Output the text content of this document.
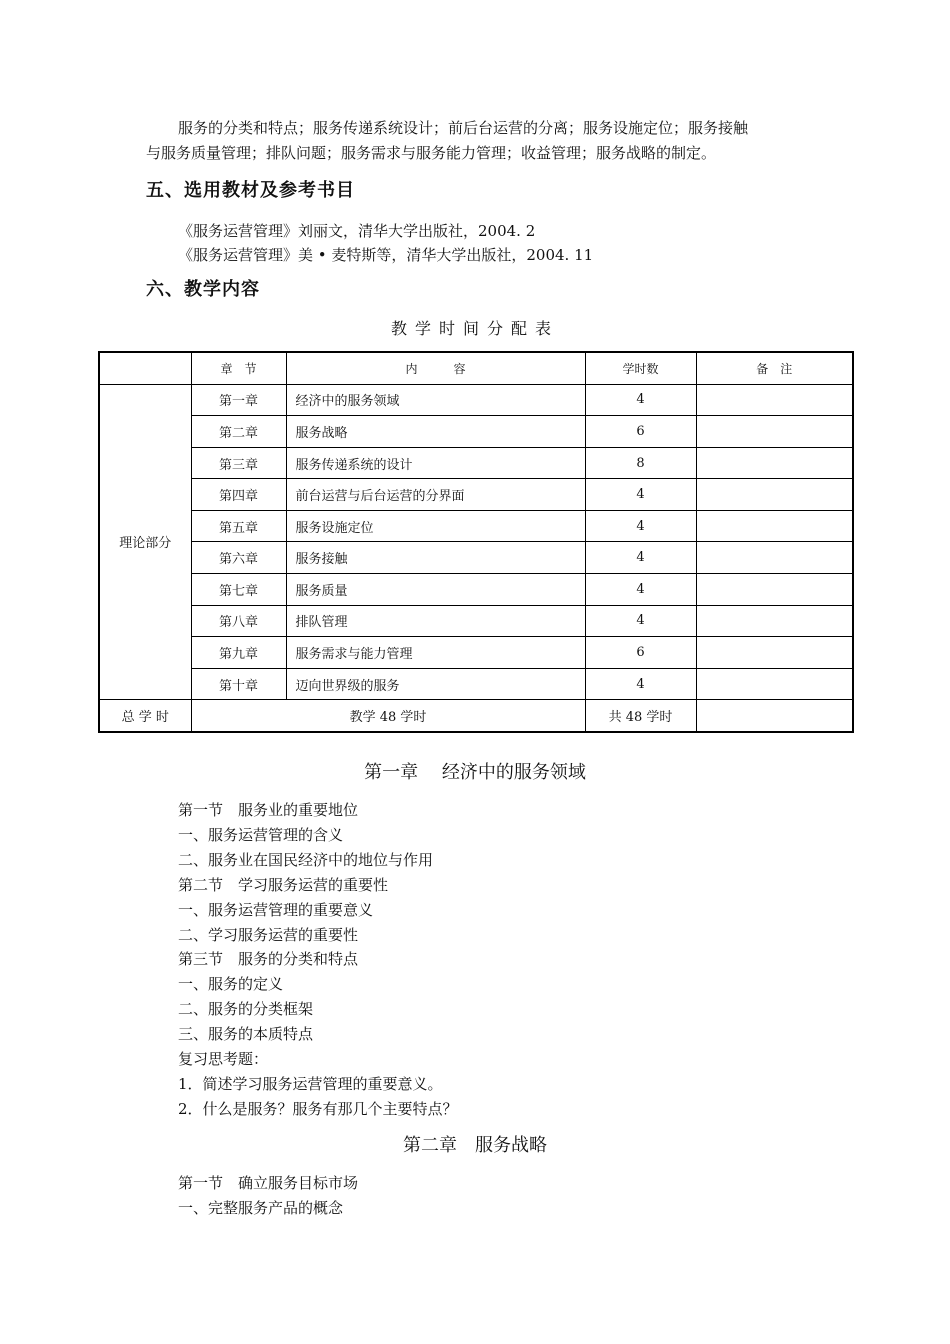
服务的分类和特点；服务传递系统设计；前后台运营的分离；服务设施定位；服务接触
与服务质量管理；排队问题；服务需求与服务能力管理；收益管理；服务战略的制定。
五、选用教材及参考书目
《服务运营管理》刘丽文，清华大学出版社，2004. 2
《服务运营管理》美 • 麦特斯等，清华大学出版社，2004. 11
六、教学内容
教学时间分配表
	章　节	内　　　容	学时数	备　注
理论部分	第一章	经济中的服务领域	4	
	第二章	服务战略	6	
	第三章	服务传递系统的设计	8	
	第四章	前台运营与后台运营的分界面	4	
	第五章	服务设施定位	4	
	第六章	服务接触	4	
	第七章	服务质量	4	
	第八章	排队管理	4	
	第九章	服务需求与能力管理	6	
	第十章	迈向世界级的服务	4	
总 学 时	教学 48 学时		共 48 学时	
第一章　 经济中的服务领域
第一节　服务业的重要地位
一、服务运营管理的含义
二、服务业在国民经济中的地位与作用
第二节　学习服务运营的重要性
一、服务运营管理的重要意义
二、学习服务运营的重要性
第三节　服务的分类和特点
一、服务的定义
二、服务的分类框架
三、服务的本质特点
复习思考题：
1．简述学习服务运营管理的重要意义。
2．什么是服务？服务有那几个主要特点？
第二章　服务战略
第一节　确立服务目标市场
一、完整服务产品的概念
